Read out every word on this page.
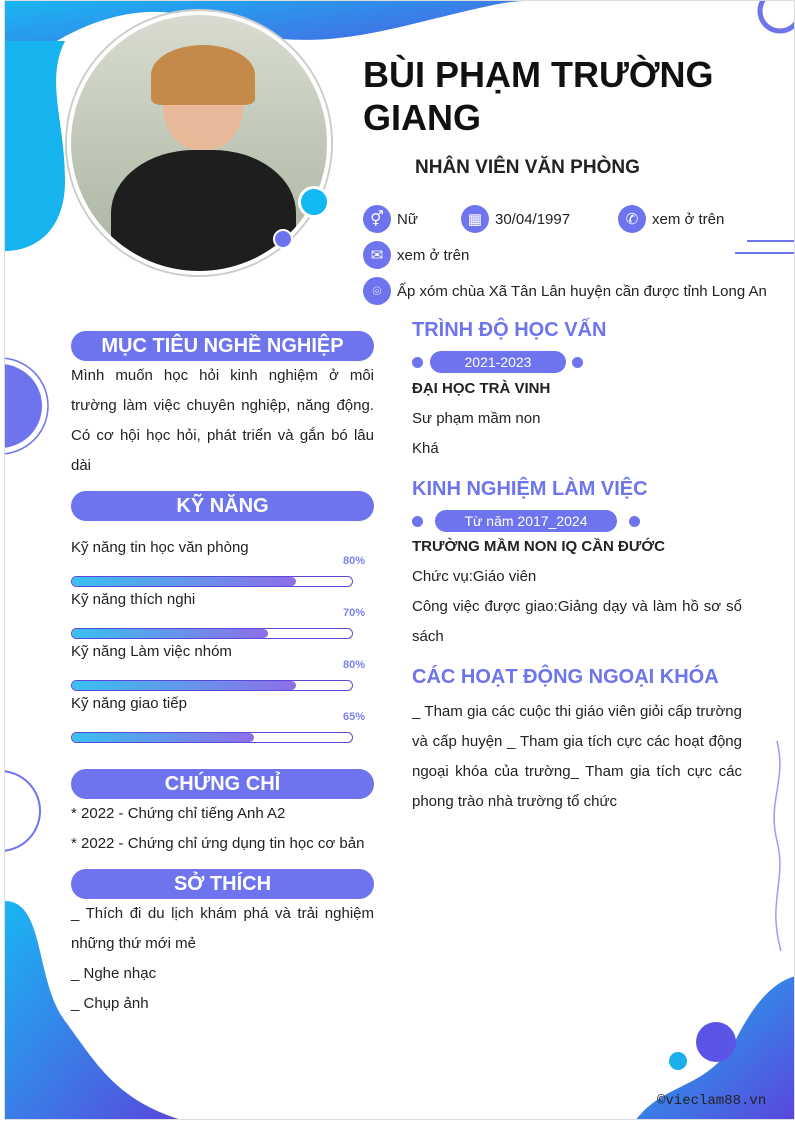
BÙI PHẠM TRƯỜNG GIANG
NHÂN VIÊN VĂN PHÒNG
⚥ Nữ	▦ 30/04/1997	✆ xem ở trên
✉ xem ở trên
⌾	Ấp xóm chùa Xã Tân Lân huyện cần được tỉnh Long An
MỤC TIÊU NGHỀ NGHIỆP
Mình muốn học hỏi kinh nghiệm ở môi trường làm việc chuyên nghiệp, năng động. Có cơ hội học hỏi, phát triển và gắn bó lâu dài
KỸ NĂNG
Kỹ năng tin học văn phòng
80%
Kỹ năng thích nghi
70%
Kỹ năng Làm việc nhóm
80%
Kỹ năng giao tiếp
65%
CHỨNG CHỈ
* 2022 - Chứng chỉ tiếng Anh A2
* 2022 - Chứng chỉ ứng dụng tin học cơ bản
SỞ THÍCH
_ Thích đi du lịch khám phá và trải nghiệm những thứ mới mẻ
_ Nghe nhạc
_ Chụp ảnh
TRÌNH ĐỘ HỌC VẤN
2021-2023
ĐẠI HỌC TRÀ VINH
Sư phạm mầm non
Khá
KINH NGHIỆM LÀM VIỆC
Từ năm 2017_2024
TRƯỜNG MẦM NON IQ CẦN ĐƯỚC
Chức vụ:Giáo viên
Công việc được giao:Giảng dạy và làm hồ sơ sổ sách
CÁC HOẠT ĐỘNG NGOẠI KHÓA
_ Tham gia các cuộc thi giáo viên giỏi cấp trường và cấp huyện _ Tham gia tích cực các hoạt động ngoại khóa của trường_ Tham gia tích cực các phong trào nhà trường tổ chức
©vieclam88.vn
